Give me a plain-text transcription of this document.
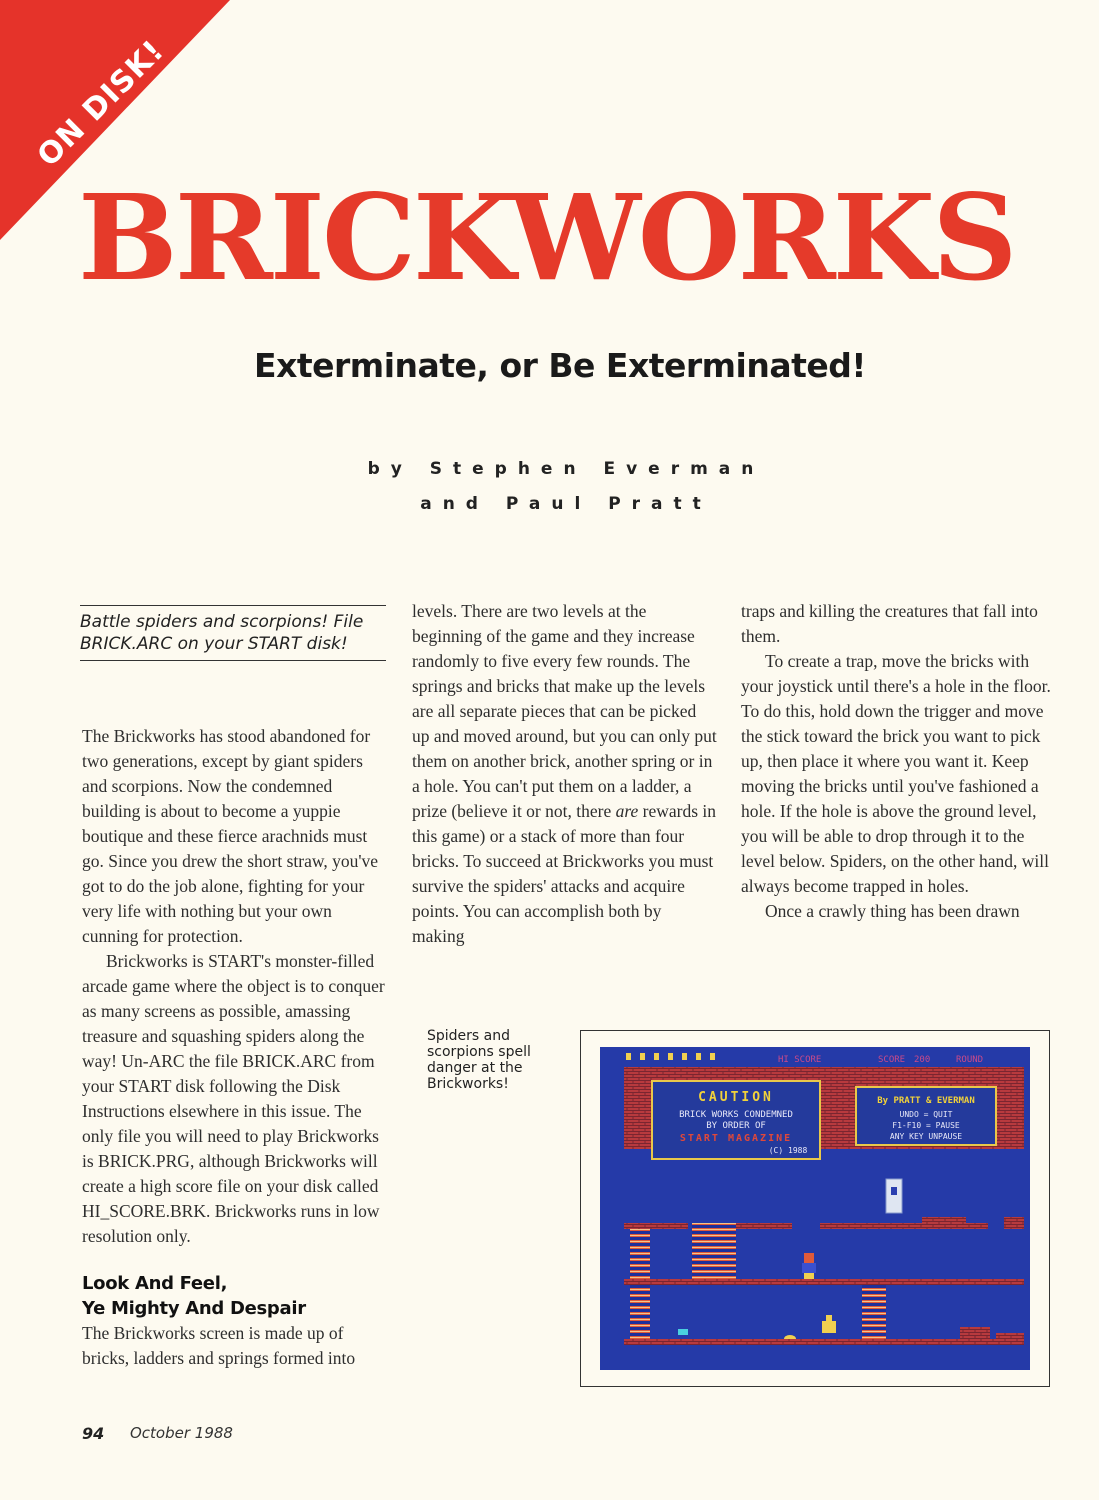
ON DISK!
BRICKWORKS
Exterminate, or Be Exterminated!
by Stephen Everman
and Paul Pratt
Battle spiders and scorpions! File BRICK.ARC on your START disk!

The Brickworks has stood abandoned for two generations, except by giant spiders and scorpions. Now the condemned building is about to become a yuppie boutique and these fierce arachnids must go. Since you drew the short straw, you've got to do the job alone, fighting for your very life with nothing but your own cunning for protection.

Brickworks is START's monster-filled arcade game where the object is to conquer as many screens as possible, amassing treasure and squashing spiders along the way! Un-ARC the file BRICK.ARC from your START disk following the Disk Instructions elsewhere in this issue. The only file you will need to play Brickworks is BRICK.PRG, although Brickworks will create a high score file on your disk called HI_SCORE.BRK. Brickworks runs in low resolution only.

Look And Feel,

Ye Mighty And Despair

The Brickworks screen is made up of bricks, ladders and springs formed into

levels. There are two levels at the beginning of the game and they increase randomly to five every few rounds. The springs and bricks that make up the levels are all separate pieces that can be picked up and moved around, but you can only put them on another brick, another spring or in a hole. You can't put them on a ladder, a prize (believe it or not, there are rewards in this game) or a stack of more than four bricks. To succeed at Brickworks you must survive the spiders' attacks and acquire points. You can accomplish both by making

traps and killing the creatures that fall into them.

To create a trap, move the bricks with your joystick until there's a hole in the floor. To do this, hold down the trigger and move the stick toward the brick you want to pick up, then place it where you want it. Keep moving the bricks until you've fashioned a hole. If the hole is above the ground level, you will be able to drop through it to the level below. Spiders, on the other hand, will always become trapped in holes.

Once a crawly thing has been drawn

Spiders and scorpions spell danger at the Brickworks!
HI SCORE	SCORE 200	ROUND
CAUTION
BRICK WORKS CONDEMNED
BY ORDER OF
START MAGAZINE
(C) 1988
By PRATT & EVERMAN
UNDO = QUIT
F1-F10 = PAUSE
ANY KEY UNPAUSE
94 October 1988
